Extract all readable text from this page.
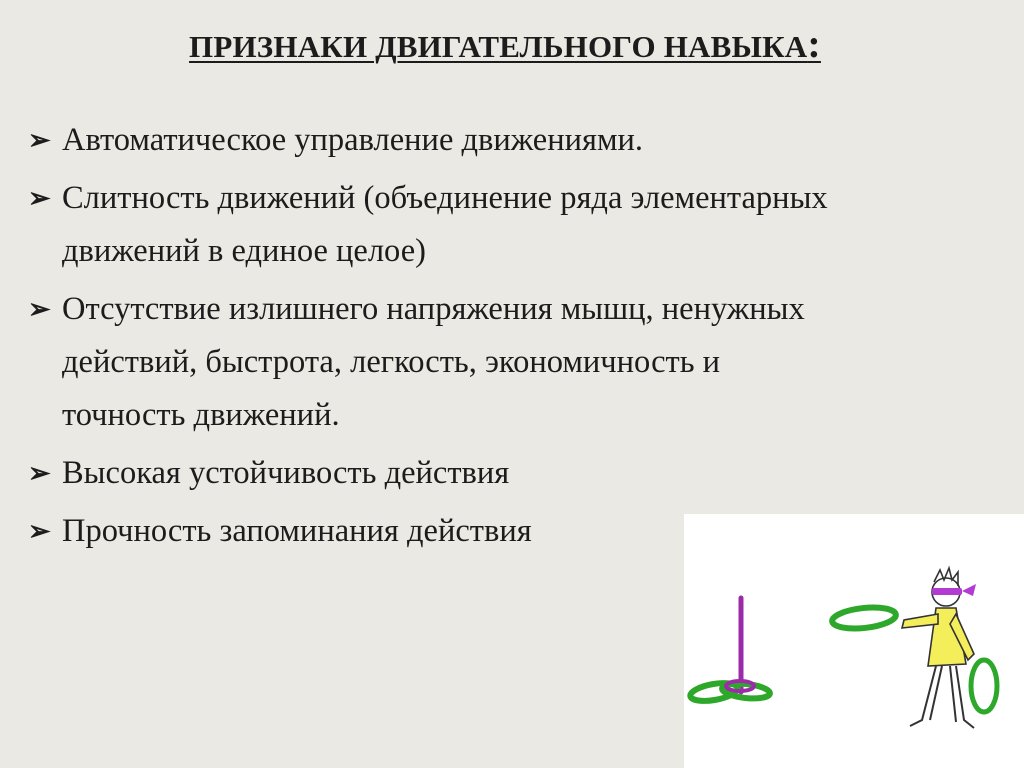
ПРИЗНАКИ ДВИГАТЕЛЬНОГО НАВЫКА:
➢ Автоматическое управление движениями.
➢ Слитность движений (объединение ряда элементарных движений в единое целое)
➢ Отсутствие излишнего напряжения мышц, ненужных действий, быстрота, легкость, экономичность и точность движений.
➢ Высокая устойчивость действия
➢ Прочность запоминания действия
